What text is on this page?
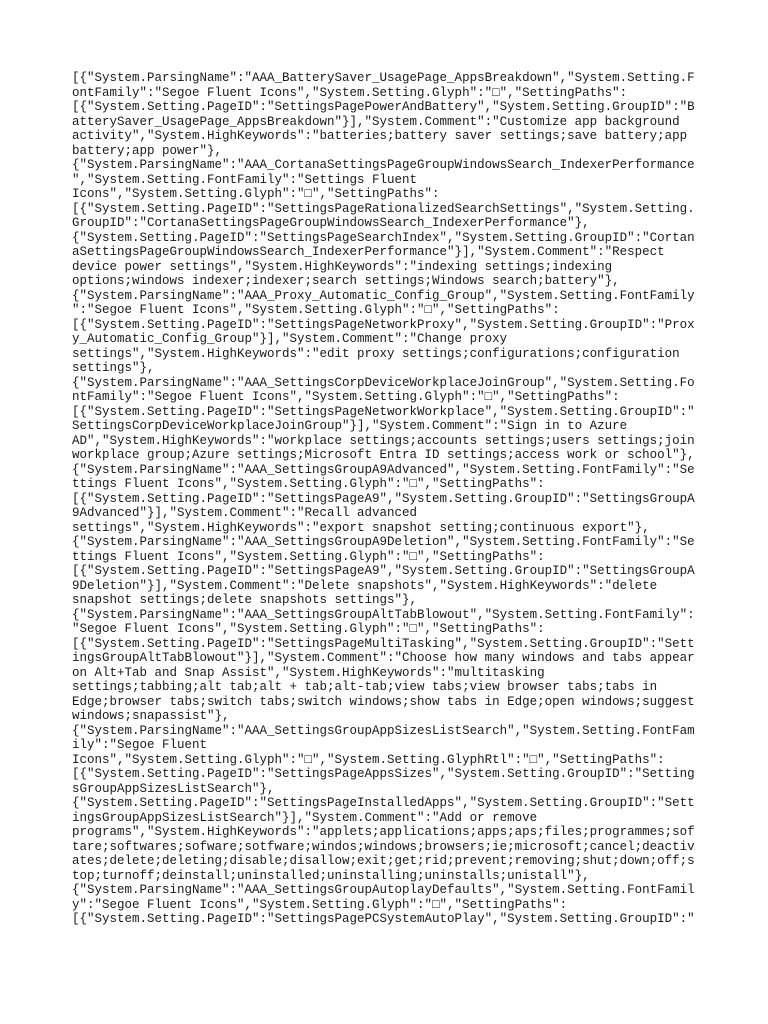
[{"System.ParsingName":"AAA_BatterySaver_UsagePage_AppsBreakdown","System.Setting.F
ontFamily":"Segoe Fluent Icons","System.Setting.Glyph":"□","SettingPaths":
[{"System.Setting.PageID":"SettingsPagePowerAndBattery","System.Setting.GroupID":"B
atterySaver_UsagePage_AppsBreakdown"}],"System.Comment":"Customize app background
activity","System.HighKeywords":"batteries;battery saver settings;save battery;app
battery;app power"},
{"System.ParsingName":"AAA_CortanaSettingsPageGroupWindowsSearch_IndexerPerformance
","System.Setting.FontFamily":"Settings Fluent
Icons","System.Setting.Glyph":"□","SettingPaths":
[{"System.Setting.PageID":"SettingsPageRationalizedSearchSettings","System.Setting.
GroupID":"CortanaSettingsPageGroupWindowsSearch_IndexerPerformance"},
{"System.Setting.PageID":"SettingsPageSearchIndex","System.Setting.GroupID":"Cortan
aSettingsPageGroupWindowsSearch_IndexerPerformance"}],"System.Comment":"Respect
device power settings","System.HighKeywords":"indexing settings;indexing
options;windows indexer;indexer;search settings;Windows search;battery"},
{"System.ParsingName":"AAA_Proxy_Automatic_Config_Group","System.Setting.FontFamily
":"Segoe Fluent Icons","System.Setting.Glyph":"□","SettingPaths":
[{"System.Setting.PageID":"SettingsPageNetworkProxy","System.Setting.GroupID":"Prox
y_Automatic_Config_Group"}],"System.Comment":"Change proxy
settings","System.HighKeywords":"edit proxy settings;configurations;configuration
settings"},
{"System.ParsingName":"AAA_SettingsCorpDeviceWorkplaceJoinGroup","System.Setting.Fo
ntFamily":"Segoe Fluent Icons","System.Setting.Glyph":"□","SettingPaths":
[{"System.Setting.PageID":"SettingsPageNetworkWorkplace","System.Setting.GroupID":"
SettingsCorpDeviceWorkplaceJoinGroup"}],"System.Comment":"Sign in to Azure
AD","System.HighKeywords":"workplace settings;accounts settings;users settings;join
workplace group;Azure settings;Microsoft Entra ID settings;access work or school"},
{"System.ParsingName":"AAA_SettingsGroupA9Advanced","System.Setting.FontFamily":"Se
ttings Fluent Icons","System.Setting.Glyph":"□","SettingPaths":
[{"System.Setting.PageID":"SettingsPageA9","System.Setting.GroupID":"SettingsGroupA
9Advanced"}],"System.Comment":"Recall advanced
settings","System.HighKeywords":"export snapshot setting;continuous export"},
{"System.ParsingName":"AAA_SettingsGroupA9Deletion","System.Setting.FontFamily":"Se
ttings Fluent Icons","System.Setting.Glyph":"□","SettingPaths":
[{"System.Setting.PageID":"SettingsPageA9","System.Setting.GroupID":"SettingsGroupA
9Deletion"}],"System.Comment":"Delete snapshots","System.HighKeywords":"delete
snapshot settings;delete snapshots settings"},
{"System.ParsingName":"AAA_SettingsGroupAltTabBlowout","System.Setting.FontFamily":
"Segoe Fluent Icons","System.Setting.Glyph":"□","SettingPaths":
[{"System.Setting.PageID":"SettingsPageMultiTasking","System.Setting.GroupID":"Sett
ingsGroupAltTabBlowout"}],"System.Comment":"Choose how many windows and tabs appear
on Alt+Tab and Snap Assist","System.HighKeywords":"multitasking
settings;tabbing;alt tab;alt + tab;alt-tab;view tabs;view browser tabs;tabs in
Edge;browser tabs;switch tabs;switch windows;show tabs in Edge;open windows;suggest
windows;snapassist"},
{"System.ParsingName":"AAA_SettingsGroupAppSizesListSearch","System.Setting.FontFam
ily":"Segoe Fluent
Icons","System.Setting.Glyph":"□","System.Setting.GlyphRtl":"□","SettingPaths":
[{"System.Setting.PageID":"SettingsPageAppsSizes","System.Setting.GroupID":"Setting
sGroupAppSizesListSearch"},
{"System.Setting.PageID":"SettingsPageInstalledApps","System.Setting.GroupID":"Sett
ingsGroupAppSizesListSearch"}],"System.Comment":"Add or remove
programs","System.HighKeywords":"applets;applications;apps;aps;files;programmes;sof
tare;softwares;sofware;sotfware;windos;windows;browsers;ie;microsoft;cancel;deactiv
ates;delete;deleting;disable;disallow;exit;get;rid;prevent;removing;shut;down;off;s
top;turnoff;deinstall;uninstalled;uninstalling;uninstalls;unistall"},
{"System.ParsingName":"AAA_SettingsGroupAutoplayDefaults","System.Setting.FontFamil
y":"Segoe Fluent Icons","System.Setting.Glyph":"□","SettingPaths":
[{"System.Setting.PageID":"SettingsPagePCSystemAutoPlay","System.Setting.GroupID":"
